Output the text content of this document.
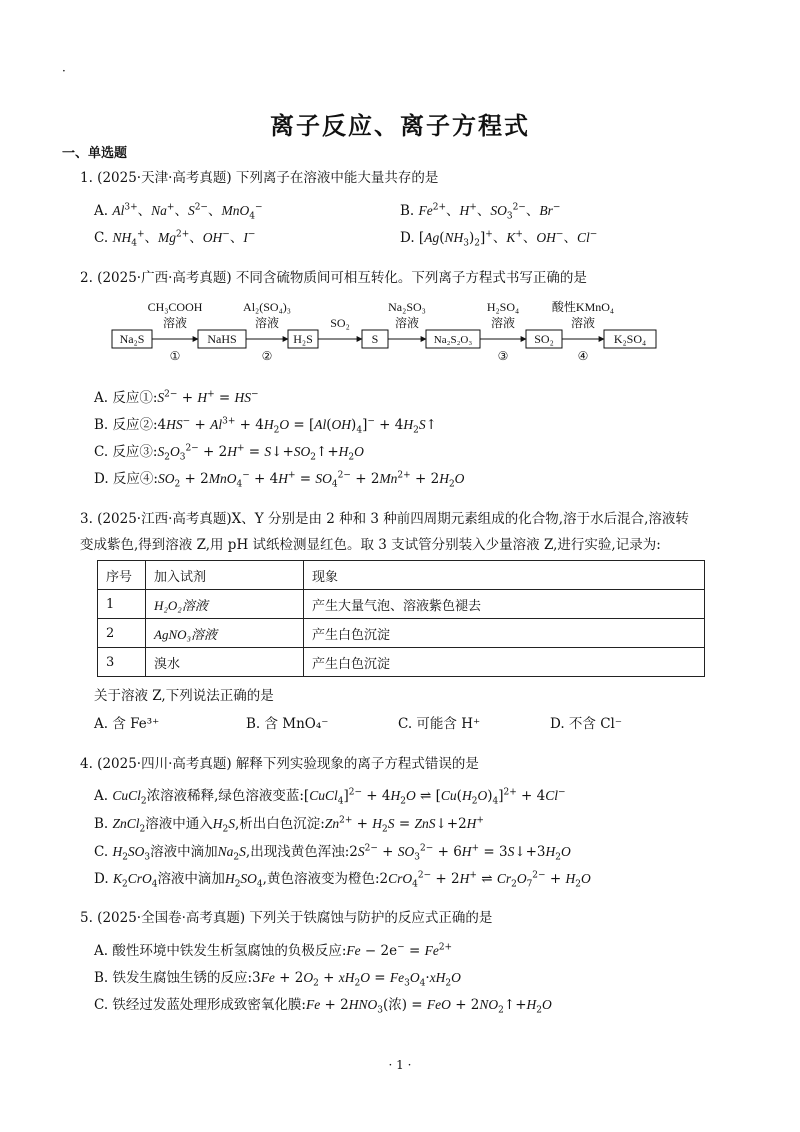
·
离子反应、离子方程式
一、单选题
1. (2025·天津·高考真题) 下列离子在溶液中能大量共存的是
A. $Al^{3+}$、Na+、$S^{2-}$、MnO$_4$−	B. $Fe^{2+}$、H+、$SO_3^{2-}$、Br−
C. $NH_4^+$、$Mg^{2+}$、OH−、I−	D. $[Ag(NH_3)_2]^+$、K+、OH−、Cl−
2. (2025·广西·高考真题) 不同含硫物质间可相互转化。下列离子方程式书写正确的是
Na₂S
CH₃COOH
溶液
①
NaHS
Al₂(SO₄)₃
溶液
②
H₂S
SO₂
S
Na₂SO₃
溶液
Na₂S₂O₃
H₂SO₄
溶液
③
SO₂
酸性KMnO₄
溶液
④
K₂SO₄
A. 反应$①:S^{2-} + H^+ = HS^-$
B. 反应②:4HS− + $Al^{3+} + 4H_2O = [Al(OH)_4]^-$ + $4H_2S↑$
C. 反应$③:S_2O_3^{2-} + 2H^+$ = $S↓+SO_2↑+H_2O$
D. 反应$④:SO_2 + 2MnO_4^- + 4H^+ = SO_4^{2-} + 2Mn^{2+} + 2H_2O$
3. (2025·江西·高考真题)X、Y 分别是由 2 种和 3 种前四周期元素组成的化合物,溶于水后混合,溶液转
变成紫色,得到溶液 Z,用 pH 试纸检测显红色。取 3 支试管分别装入少量溶液 Z,进行实验,记录为:
序号	加入试剂	现象
1	H₂O₂溶液	产生大量气泡、溶液紫色褪去
2	AgNO₃溶液	产生白色沉淀
3	溴水	产生白色沉淀
关于溶液 Z,下列说法正确的是
A. 含 Fe³⁺	B. 含 MnO₄⁻	C. 可能含 H⁺	D. 不含 Cl⁻
4. (2025·四川·高考真题) 解释下列实验现象的离子方程式错误的是
A. CuCl$_2$浓溶液稀释,绿色溶液变蓝:[CuCl$_4$]$^{2-}$ + $4H_2O$ ⇌ $[Cu(H_2O)_4]^{2+} + 4Cl^-$
B. ZnCl$_2$溶液中通入$H_2S$,析出白色沉淀$:Zn^{2+} + H_2S$ = ZnS↓+2H+
C. $H_2SO_3$溶液中滴加$Na_2S$,出现浅黄色浑浊$:2S^{2-} + SO_3^{2-} + 6H^+$ = $3S↓+3H_2O$
D. $K_2CrO_4$溶液中滴加$H_2SO_4$,黄色溶液变为橙色:2CrO$_4^{2-}$ + 2H+ ⇌ $Cr_2O_7^{2-} + H_2O$
5. (2025·全国卷·高考真题) 下列关于铁腐蚀与防护的反应式正确的是
A. 酸性环境中铁发生析氢腐蚀的负极反应:Fe − $2e^- = Fe^{2+}$
B. 铁发生腐蚀生锈的反应:3Fe + $2O_2 + xH_2O = Fe_3O_4\cdot xH_2O$
C. 铁经过发蓝处理形成致密氧化膜:Fe + $2HNO_3$(浓) = FeO + $2NO_2↑+H_2O$
· 1 ·
